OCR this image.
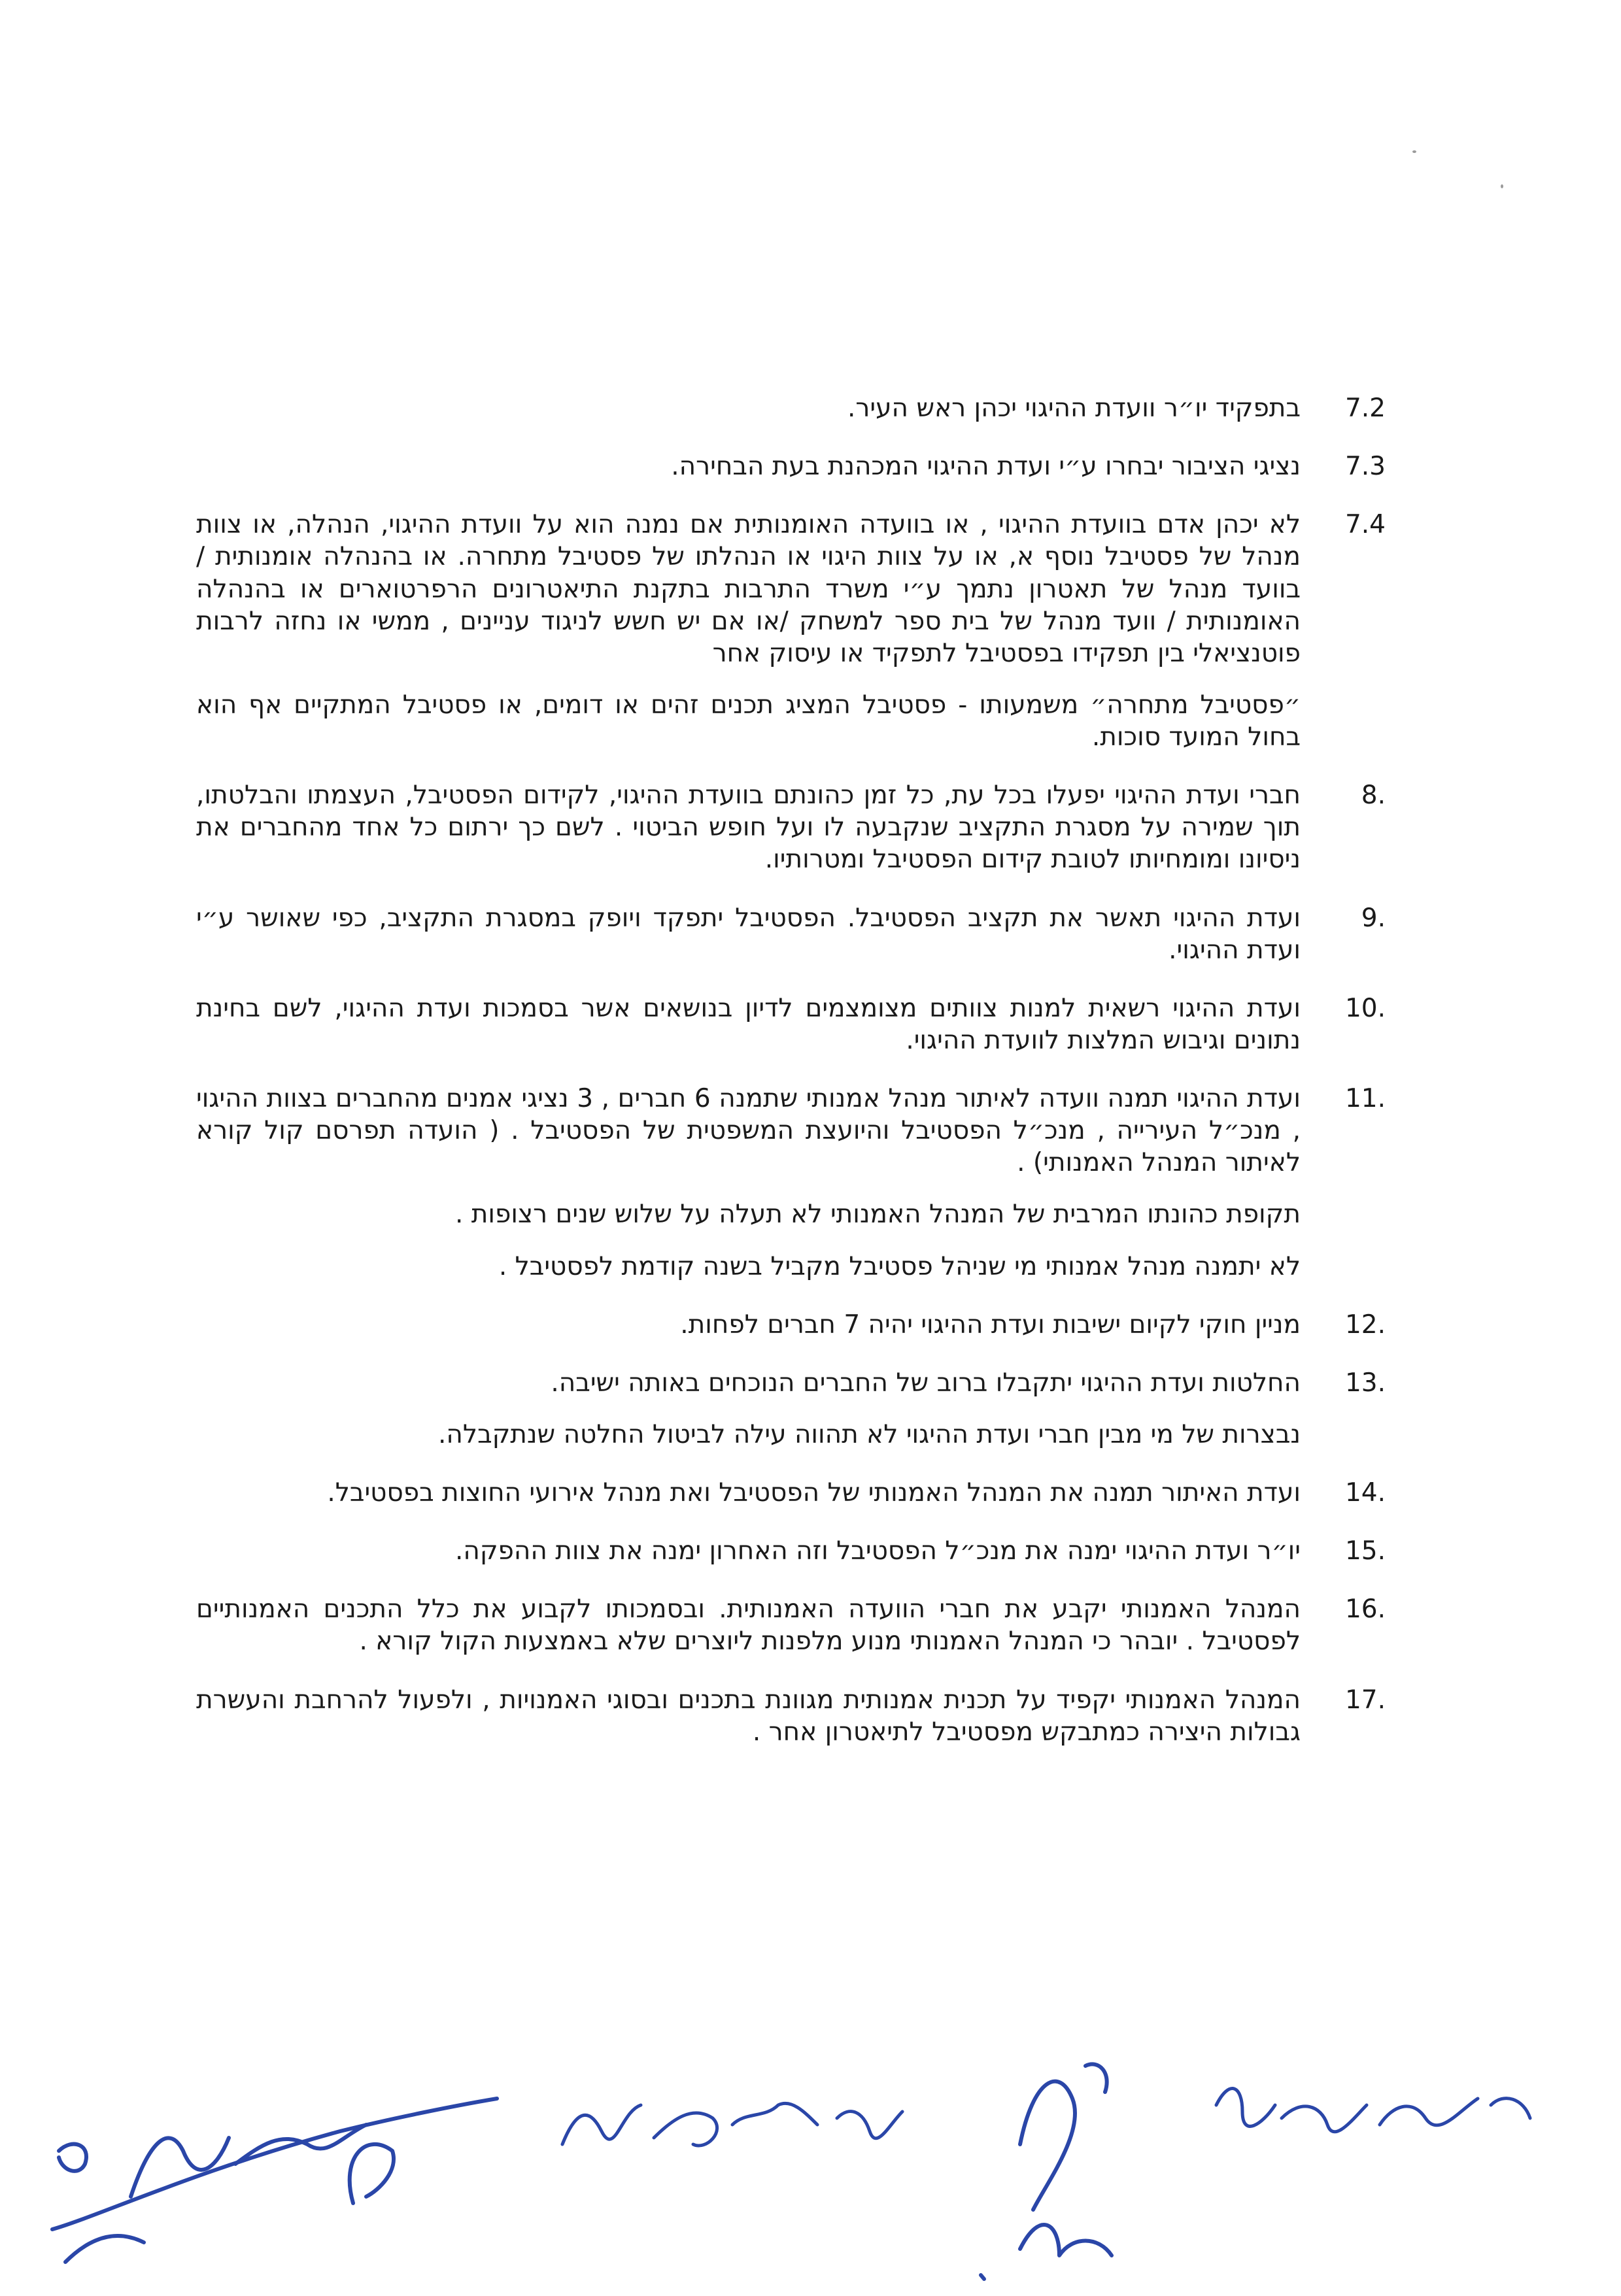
7.2

בתפקיד יו״ר וועדת ההיגוי יכהן ראש העיר.

7.3

נציגי הציבור יבחרו ע״י ועדת ההיגוי המכהנת בעת הבחירה.

7.4

לא יכהן אדם בוועדת ההיגוי , או בוועדה האומנותית אם נמנה הוא על וועדת ההיגוי, הנהלה, או צוות מנהל של פסטיבל נוסף א, או על צוות היגוי או הנהלתו של פסטיבל מתחרה. או בהנהלה אומנותית / בוועד מנהל של תאטרון נתמך ע״י משרד התרבות בתקנת התיאטרונים הרפרטוארים או בהנהלה האומנותית / וועד מנהל של בית ספר למשחק /או אם יש חשש לניגוד עניינים , ממשי או נחזה לרבות פוטנציאלי בין תפקידו בפסטיבל לתפקיד או עיסוק אחר

״פסטיבל מתחרה״ משמעותו - פסטיבל המציג תכנים זהים או דומים, או פסטיבל המתקיים אף הוא בחול המועד סוכות.

8.

חברי ועדת ההיגוי יפעלו בכל עת, כל זמן כהונתם בוועדת ההיגוי, לקידום הפסטיבל, העצמתו והבלטתו, תוך שמירה על מסגרת התקציב שנקבעה לו ועל חופש הביטוי . לשם כך ירתום כל אחד מהחברים את ניסיונו ומומחיותו לטובת קידום הפסטיבל ומטרותיו.

9.

ועדת ההיגוי תאשר את תקציב הפסטיבל. הפסטיבל יתפקד ויופק במסגרת התקציב, כפי שאושר ע״י ועדת ההיגוי.

10.

ועדת ההיגוי רשאית למנות צוותים מצומצמים לדיון בנושאים אשר בסמכות ועדת ההיגוי, לשם בחינת נתונים וגיבוש המלצות לוועדת ההיגוי.

11.

ועדת ההיגוי תמנה וועדה לאיתור מנהל אמנותי שתמנה 6 חברים , 3 נציגי אמנים מהחברים בצוות ההיגוי , מנכ״ל העירייה , מנכ״ל הפסטיבל והיועצת המשפטית של הפסטיבל . ( הועדה תפרסם קול קורא לאיתור המנהל האמנותי) .

תקופת כהונתו המרבית של המנהל האמנותי לא תעלה על שלוש שנים רצופות .

לא יתמנה מנהל אמנותי מי שניהל פסטיבל מקביל בשנה קודמת לפסטיבל .

12.

מניין חוקי לקיום ישיבות ועדת ההיגוי יהיה 7 חברים לפחות.

13.

החלטות ועדת ההיגוי יתקבלו ברוב של החברים הנוכחים באותה ישיבה.

נבצרות של מי מבין חברי ועדת ההיגוי לא תהווה עילה לביטול החלטה שנתקבלה.

14.

ועדת האיתור תמנה את המנהל האמנותי של הפסטיבל ואת מנהל אירועי החוצות בפסטיבל.

15.

יו״ר ועדת ההיגוי ימנה את מנכ״ל הפסטיבל וזה האחרון ימנה את צוות ההפקה.

16.

המנהל האמנותי יקבע את חברי הוועדה האמנותית. ובסמכותו לקבוע את כלל התכנים האמנותיים לפסטיבל . יובהר כי המנהל האמנותי מנוע מלפנות ליוצרים שלא באמצעות הקול קורא .

17.

המנהל האמנותי יקפיד על תכנית אמנותית מגוונת בתכנים ובסוגי האמנויות , ולפעול להרחבת והעשרת גבולות היצירה כמתבקש מפסטיבל לתיאטרון אחר .
